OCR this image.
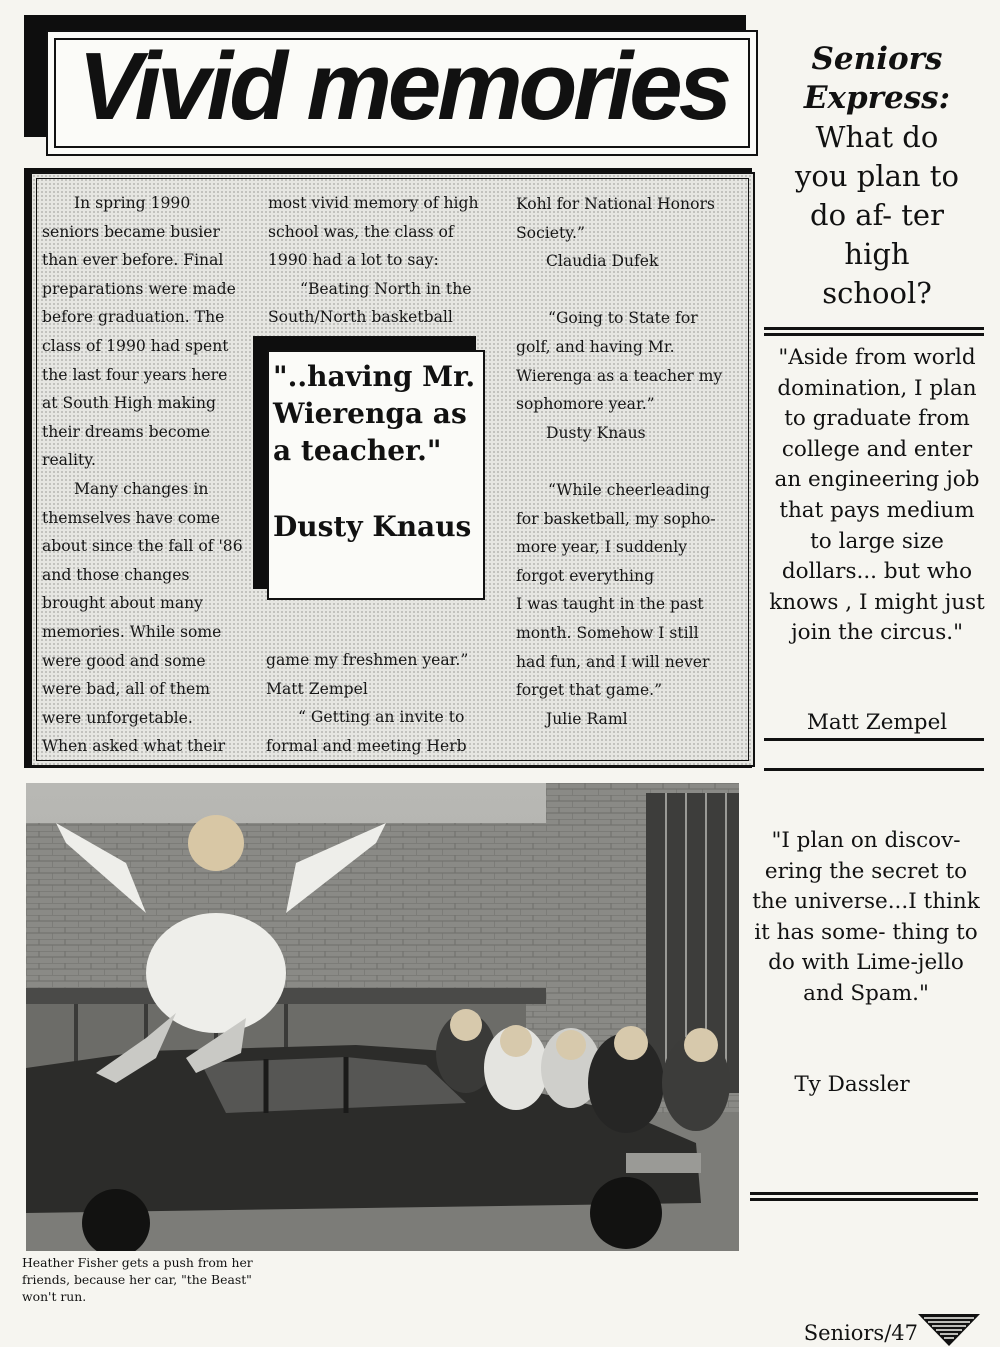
Vivid memories

In spring 1990

seniors became busier

than ever before. Final

preparations were made

before graduation. The

class of 1990 had spent

the last four years here

at South High making

their dreams become

reality.

Many changes in

themselves have come

about since the fall of '86

and those changes

brought about many

memories. While some

were good and some

were bad, all of them

were unforgetable.

When asked what their

most vivid memory of high

school was, the class of

1990 had a lot to say:

“Beating North in the

South/North basketball

game my freshmen year.”

Matt Zempel

“ Getting an invite to

formal and meeting Herb

Kohl for National Honors

Society.”

Claudia Dufek

“Going to State for

golf, and having Mr.

Wierenga as a teacher my

sophomore year.”

Dusty Knaus

“While cheerleading

for basketball, my sopho-

more year, I suddenly

forgot everything

I was taught in the past

month. Somehow I still

had fun, and I will never

forget that game.”

Julie Raml

"..having Mr. Wierenga as a teacher."
Dusty Knaus
Heather Fisher gets a push from her friends, because her car, "the Beast" won't run.
Seniors
Express:
What do you plan to do af- ter high school?
"Aside from world domination, I plan to graduate from college and enter an engineering job that pays medium to large size dollars... but who knows , I might just join the circus."
Matt Zempel
"I plan on discov- ering the secret to the universe...I think it has some- thing to do with Lime-jello and Spam."
Ty Dassler
Seniors/47
